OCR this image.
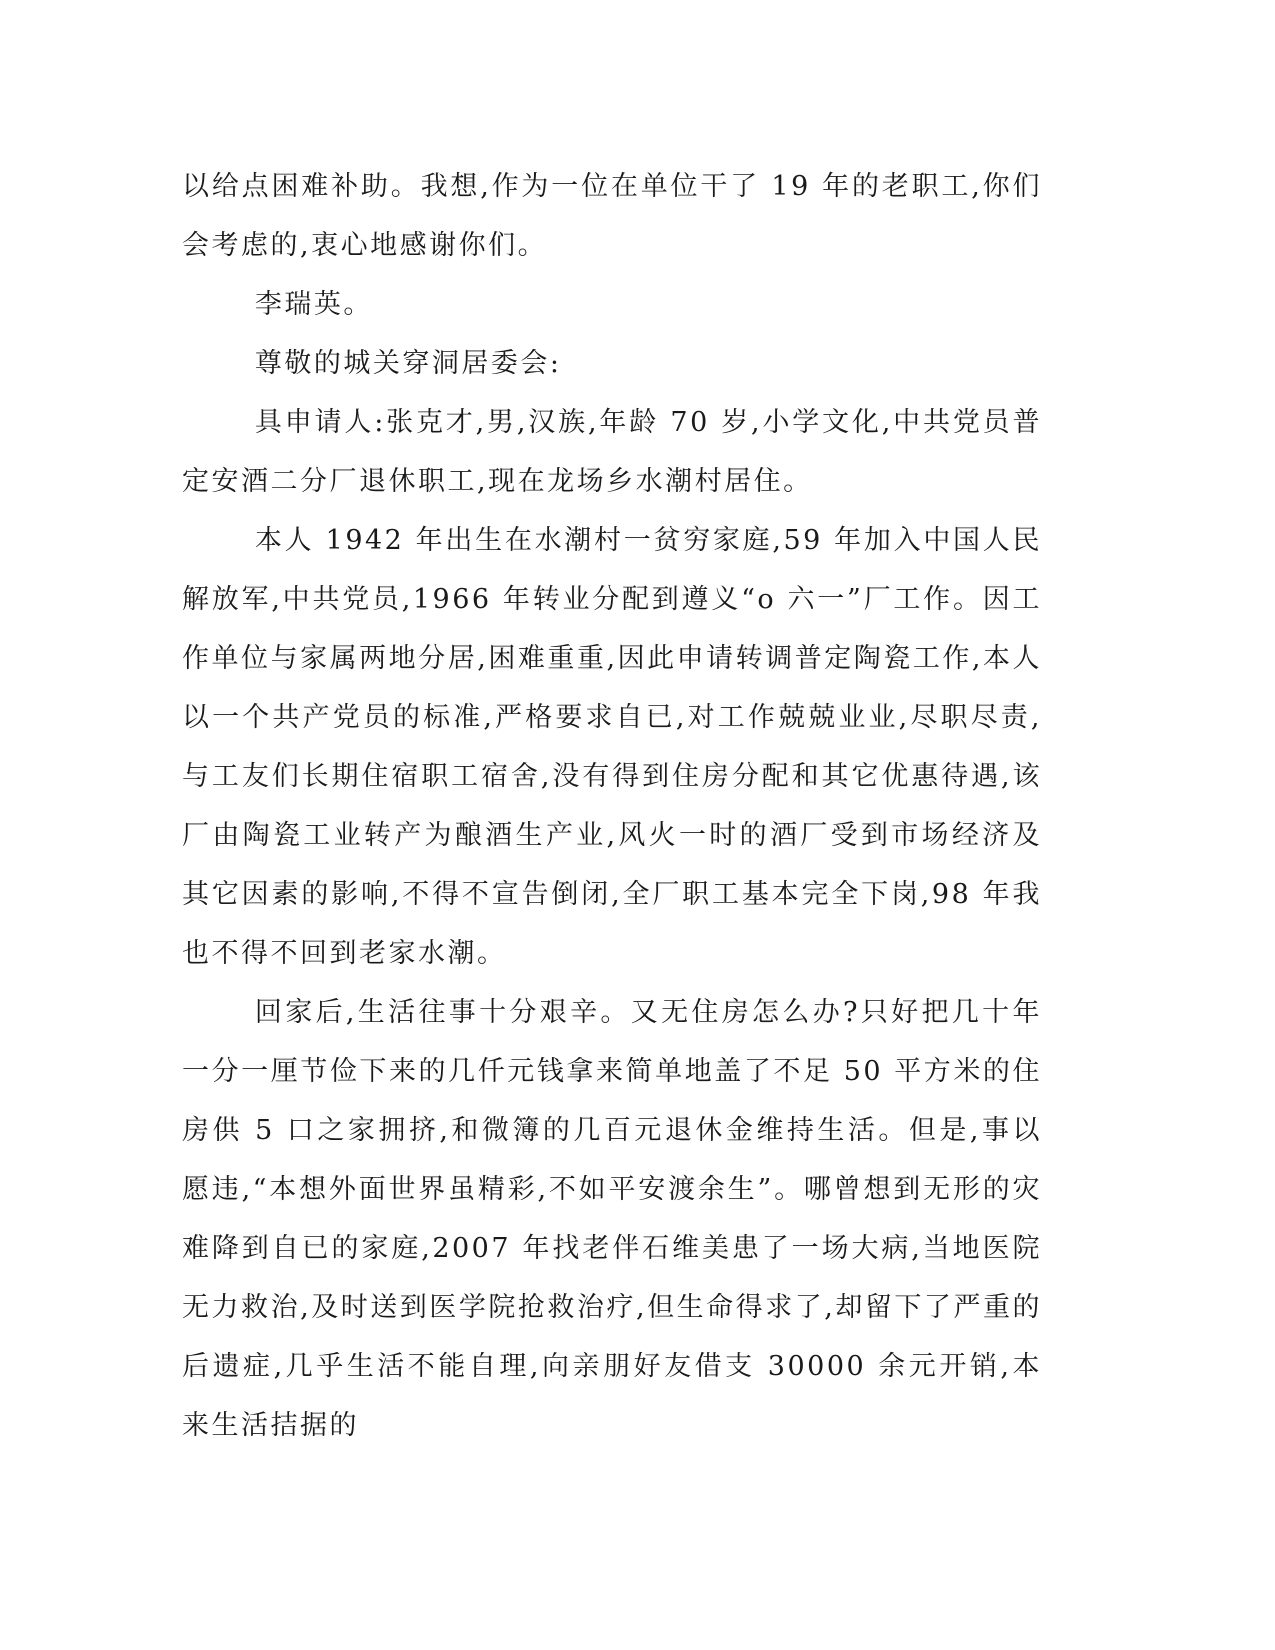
以给点困难补助。我想,作为一位在单位干了 19 年的老职工,你们会考虑的,衷心地感谢你们。

李瑞英。

尊敬的城关穿洞居委会:

具申请人:张克才,男,汉族,年龄 70 岁,小学文化,中共党员普定安酒二分厂退休职工,现在龙场乡水潮村居住。

本人 1942 年出生在水潮村一贫穷家庭,59 年加入中国人民解放军,中共党员,1966 年转业分配到遵义“o 六一”厂工作。因工作单位与家属两地分居,困难重重,因此申请转调普定陶瓷工作,本人以一个共产党员的标准,严格要求自已,对工作兢兢业业,尽职尽责,与工友们长期住宿职工宿舍,没有得到住房分配和其它优惠待遇,该厂由陶瓷工业转产为酿酒生产业,风火一时的酒厂受到市场经济及其它因素的影响,不得不宣告倒闭,全厂职工基本完全下岗,98 年我也不得不回到老家水潮。

回家后,生活往事十分艰辛。又无住房怎么办?只好把几十年一分一厘节俭下来的几仟元钱拿来简单地盖了不足 50 平方米的住房供 5 口之家拥挤,和微簿的几百元退休金维持生活。但是,事以愿违,“本想外面世界虽精彩,不如平安渡余生”。哪曾想到无形的灾难降到自已的家庭,2007 年找老伴石维美患了一场大病,当地医院无力救治,及时送到医学院抢救治疗,但生命得求了,却留下了严重的后遗症,几乎生活不能自理,向亲朋好友借支 30000 余元开销,本来生活拮据的
